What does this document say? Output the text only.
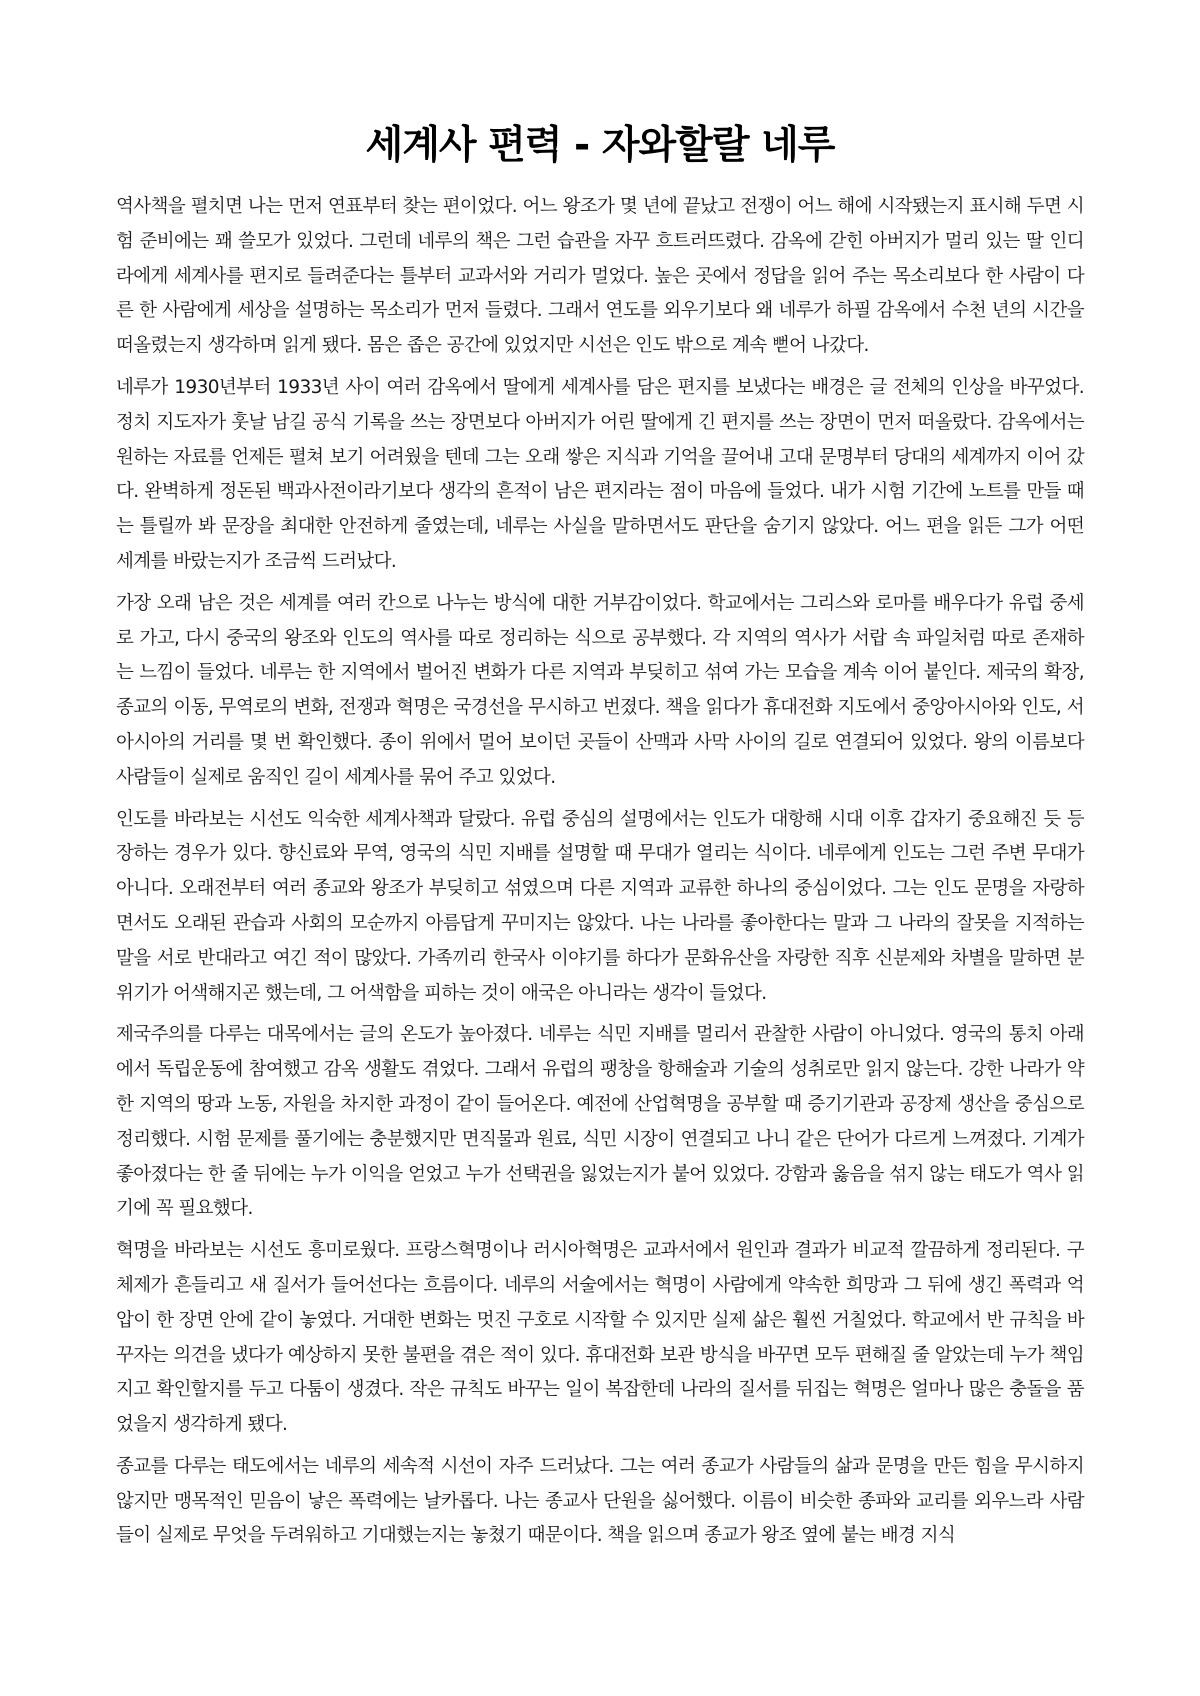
세계사 편력 - 자와할랄 네루

역사책을 펼치면 나는 먼저 연표부터 찾는 편이었다. 어느 왕조가 몇 년에 끝났고 전쟁이 어느 해에 시작됐는지 표시해 두면 시험 준비에는 꽤 쓸모가 있었다. 그런데 네루의 책은 그런 습관을 자꾸 흐트러뜨렸다. 감옥에 갇힌 아버지가 멀리 있는 딸 인디라에게 세계사를 편지로 들려준다는 틀부터 교과서와 거리가 멀었다. 높은 곳에서 정답을 읽어 주는 목소리보다 한 사람이 다른 한 사람에게 세상을 설명하는 목소리가 먼저 들렸다. 그래서 연도를 외우기보다 왜 네루가 하필 감옥에서 수천 년의 시간을 떠올렸는지 생각하며 읽게 됐다. 몸은 좁은 공간에 있었지만 시선은 인도 밖으로 계속 뻗어 나갔다.

네루가 1930년부터 1933년 사이 여러 감옥에서 딸에게 세계사를 담은 편지를 보냈다는 배경은 글 전체의 인상을 바꾸었다. 정치 지도자가 훗날 남길 공식 기록을 쓰는 장면보다 아버지가 어린 딸에게 긴 편지를 쓰는 장면이 먼저 떠올랐다. 감옥에서는 원하는 자료를 언제든 펼쳐 보기 어려웠을 텐데 그는 오래 쌓은 지식과 기억을 끌어내 고대 문명부터 당대의 세계까지 이어 갔다. 완벽하게 정돈된 백과사전이라기보다 생각의 흔적이 남은 편지라는 점이 마음에 들었다. 내가 시험 기간에 노트를 만들 때는 틀릴까 봐 문장을 최대한 안전하게 줄였는데, 네루는 사실을 말하면서도 판단을 숨기지 않았다. 어느 편을 읽든 그가 어떤 세계를 바랐는지가 조금씩 드러났다.

가장 오래 남은 것은 세계를 여러 칸으로 나누는 방식에 대한 거부감이었다. 학교에서는 그리스와 로마를 배우다가 유럽 중세로 가고, 다시 중국의 왕조와 인도의 역사를 따로 정리하는 식으로 공부했다. 각 지역의 역사가 서랍 속 파일처럼 따로 존재하는 느낌이 들었다. 네루는 한 지역에서 벌어진 변화가 다른 지역과 부딪히고 섞여 가는 모습을 계속 이어 붙인다. 제국의 확장, 종교의 이동, 무역로의 변화, 전쟁과 혁명은 국경선을 무시하고 번졌다. 책을 읽다가 휴대전화 지도에서 중앙아시아와 인도, 서아시아의 거리를 몇 번 확인했다. 종이 위에서 멀어 보이던 곳들이 산맥과 사막 사이의 길로 연결되어 있었다. 왕의 이름보다 사람들이 실제로 움직인 길이 세계사를 묶어 주고 있었다.

인도를 바라보는 시선도 익숙한 세계사책과 달랐다. 유럽 중심의 설명에서는 인도가 대항해 시대 이후 갑자기 중요해진 듯 등장하는 경우가 있다. 향신료와 무역, 영국의 식민 지배를 설명할 때 무대가 열리는 식이다. 네루에게 인도는 그런 주변 무대가 아니다. 오래전부터 여러 종교와 왕조가 부딪히고 섞였으며 다른 지역과 교류한 하나의 중심이었다. 그는 인도 문명을 자랑하면서도 오래된 관습과 사회의 모순까지 아름답게 꾸미지는 않았다. 나는 나라를 좋아한다는 말과 그 나라의 잘못을 지적하는 말을 서로 반대라고 여긴 적이 많았다. 가족끼리 한국사 이야기를 하다가 문화유산을 자랑한 직후 신분제와 차별을 말하면 분위기가 어색해지곤 했는데, 그 어색함을 피하는 것이 애국은 아니라는 생각이 들었다.

제국주의를 다루는 대목에서는 글의 온도가 높아졌다. 네루는 식민 지배를 멀리서 관찰한 사람이 아니었다. 영국의 통치 아래에서 독립운동에 참여했고 감옥 생활도 겪었다. 그래서 유럽의 팽창을 항해술과 기술의 성취로만 읽지 않는다. 강한 나라가 약한 지역의 땅과 노동, 자원을 차지한 과정이 같이 들어온다. 예전에 산업혁명을 공부할 때 증기기관과 공장제 생산을 중심으로 정리했다. 시험 문제를 풀기에는 충분했지만 면직물과 원료, 식민 시장이 연결되고 나니 같은 단어가 다르게 느껴졌다. 기계가 좋아졌다는 한 줄 뒤에는 누가 이익을 얻었고 누가 선택권을 잃었는지가 붙어 있었다. 강함과 옳음을 섞지 않는 태도가 역사 읽기에 꼭 필요했다.

혁명을 바라보는 시선도 흥미로웠다. 프랑스혁명이나 러시아혁명은 교과서에서 원인과 결과가 비교적 깔끔하게 정리된다. 구체제가 흔들리고 새 질서가 들어선다는 흐름이다. 네루의 서술에서는 혁명이 사람에게 약속한 희망과 그 뒤에 생긴 폭력과 억압이 한 장면 안에 같이 놓였다. 거대한 변화는 멋진 구호로 시작할 수 있지만 실제 삶은 훨씬 거칠었다. 학교에서 반 규칙을 바꾸자는 의견을 냈다가 예상하지 못한 불편을 겪은 적이 있다. 휴대전화 보관 방식을 바꾸면 모두 편해질 줄 알았는데 누가 책임지고 확인할지를 두고 다툼이 생겼다. 작은 규칙도 바꾸는 일이 복잡한데 나라의 질서를 뒤집는 혁명은 얼마나 많은 충돌을 품었을지 생각하게 됐다.

종교를 다루는 태도에서는 네루의 세속적 시선이 자주 드러났다. 그는 여러 종교가 사람들의 삶과 문명을 만든 힘을 무시하지 않지만 맹목적인 믿음이 낳은 폭력에는 날카롭다. 나는 종교사 단원을 싫어했다. 이름이 비슷한 종파와 교리를 외우느라 사람들이 실제로 무엇을 두려워하고 기대했는지는 놓쳤기 때문이다. 책을 읽으며 종교가 왕조 옆에 붙는 배경 지식
